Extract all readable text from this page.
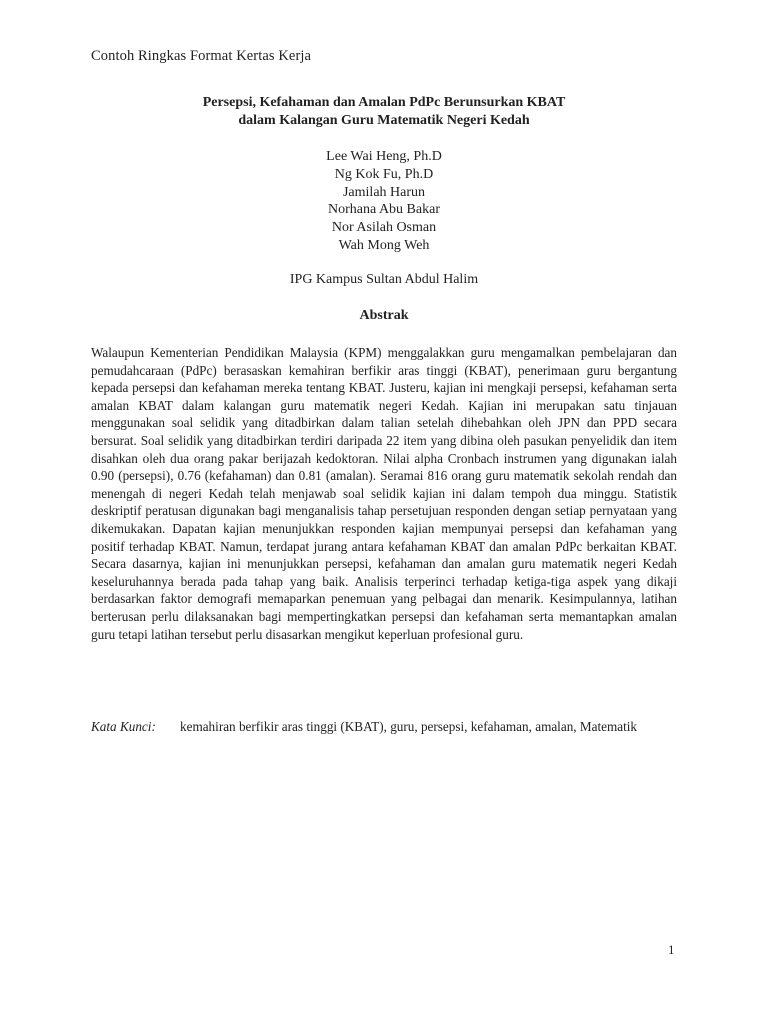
Contoh Ringkas Format Kertas Kerja
Persepsi, Kefahaman dan Amalan PdPc Berunsurkan KBAT
dalam Kalangan Guru Matematik Negeri Kedah
Lee Wai Heng, Ph.D
Ng Kok Fu, Ph.D
Jamilah Harun
Norhana Abu Bakar
Nor Asilah Osman
Wah Mong Weh
IPG Kampus Sultan Abdul Halim
Abstrak
Walaupun Kementerian Pendidikan Malaysia (KPM) menggalakkan guru mengamalkan pembelajaran dan pemudahcaraan (PdPc) berasaskan kemahiran berfikir aras tinggi (KBAT), penerimaan guru bergantung kepada persepsi dan kefahaman mereka tentang KBAT. Justeru, kajian ini mengkaji persepsi, kefahaman serta amalan KBAT dalam kalangan guru matematik negeri Kedah. Kajian ini merupakan satu tinjauan menggunakan soal selidik yang ditadbirkan dalam talian setelah dihebahkan oleh JPN dan PPD secara bersurat. Soal selidik yang ditadbirkan terdiri daripada 22 item yang dibina oleh pasukan penyelidik dan item disahkan oleh dua orang pakar berijazah kedoktoran. Nilai alpha Cronbach instrumen yang digunakan ialah 0.90 (persepsi), 0.76 (kefahaman) dan 0.81 (amalan). Seramai 816 orang guru matematik sekolah rendah dan menengah di negeri Kedah telah menjawab soal selidik kajian ini dalam tempoh dua minggu. Statistik deskriptif peratusan digunakan bagi menganalisis tahap persetujuan responden dengan setiap pernyataan yang dikemukakan. Dapatan kajian menunjukkan responden kajian mempunyai persepsi dan kefahaman yang positif terhadap KBAT. Namun, terdapat jurang antara kefahaman KBAT dan amalan PdPc berkaitan KBAT. Secara dasarnya, kajian ini menunjukkan persepsi, kefahaman dan amalan guru matematik negeri Kedah keseluruhannya berada pada tahap yang baik. Analisis terperinci terhadap ketiga-tiga aspek yang dikaji berdasarkan faktor demografi memaparkan penemuan yang pelbagai dan menarik. Kesimpulannya, latihan berterusan perlu dilaksanakan bagi mempertingkatkan persepsi dan kefahaman serta memantapkan amalan guru tetapi latihan tersebut perlu disasarkan mengikut keperluan profesional guru.
Kata Kunci:	kemahiran berfikir aras tinggi (KBAT), guru, persepsi, kefahaman, amalan, Matematik
1
